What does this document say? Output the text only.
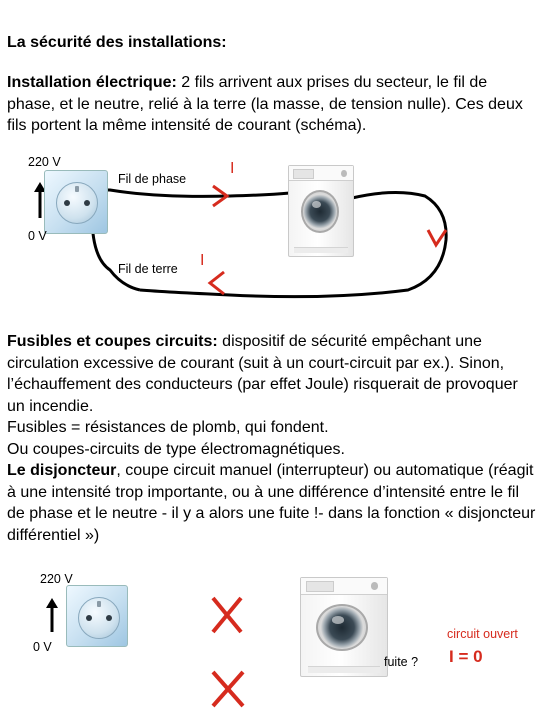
La sécurité des installations:
Installation électrique: 2 fils arrivent aux prises du secteur, le fil de phase, et le neutre, relié à la terre (la masse, de tension nulle). Ces deux fils portent la même intensité de courant (schéma).
220 V
0 V
Fil de phase
Fil de terre
I
I
Fusibles et coupes circuits: dispositif de sécurité empêchant une circulation excessive de courant (suit à un court-circuit par ex.). Sinon, l’échauffement des conducteurs (par effet Joule) risquerait de provoquer un incendie.
Fusibles = résistances de plomb, qui fondent.
Ou coupes-circuits de type électromagnétiques.
Le disjoncteur, coupe circuit manuel (interrupteur) ou automatique (réagit à une intensité trop importante, ou à une différence d’intensité entre le fil de phase et le neutre - il y a alors une fuite !- dans la fonction « disjoncteur différentiel »)
220 V
0 V
fuite ?
circuit ouvert
I = 0
